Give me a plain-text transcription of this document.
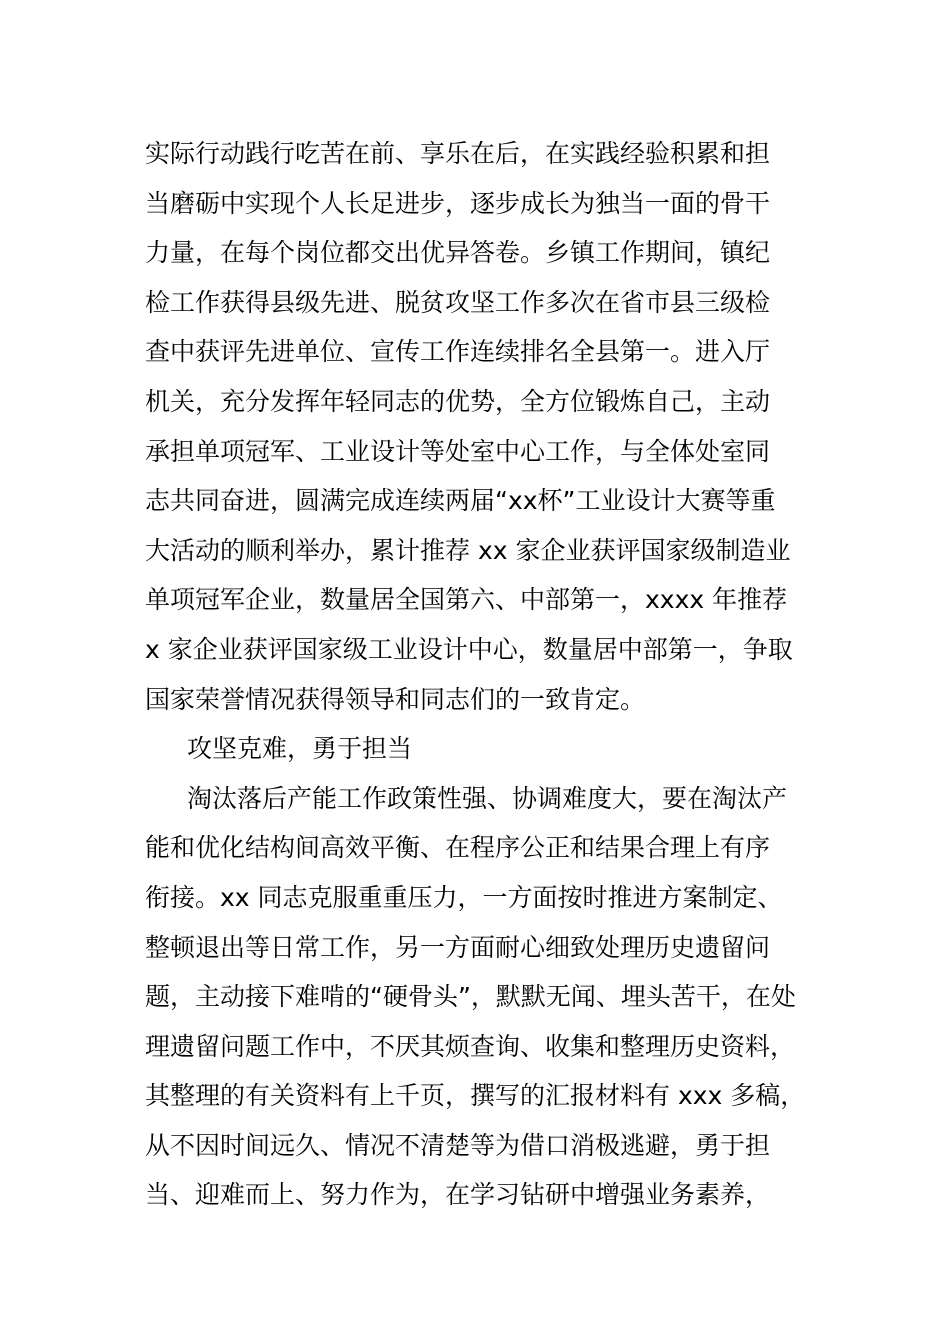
实际行动践行吃苦在前、享乐在后，在实践经验积累和担
当磨砺中实现个人长足进步，逐步成长为独当一面的骨干
力量，在每个岗位都交出优异答卷。乡镇工作期间，镇纪
检工作获得县级先进、脱贫攻坚工作多次在省市县三级检
查中获评先进单位、宣传工作连续排名全县第一。进入厅
机关，充分发挥年轻同志的优势，全方位锻炼自己，主动
承担单项冠军、工业设计等处室中心工作，与全体处室同
志共同奋进，圆满完成连续两届“xx杯”工业设计大赛等重
大活动的顺利举办，累计推荐 xx 家企业获评国家级制造业
单项冠军企业，数量居全国第六、中部第一，xxxx 年推荐
x 家企业获评国家级工业设计中心，数量居中部第一，争取
国家荣誉情况获得领导和同志们的一致肯定。
攻坚克难，勇于担当
淘汰落后产能工作政策性强、协调难度大，要在淘汰产
能和优化结构间高效平衡、在程序公正和结果合理上有序
衔接。xx 同志克服重重压力，一方面按时推进方案制定、
整顿退出等日常工作，另一方面耐心细致处理历史遗留问
题，主动接下难啃的“硬骨头”，默默无闻、埋头苦干，在处
理遗留问题工作中，不厌其烦查询、收集和整理历史资料，
其整理的有关资料有上千页，撰写的汇报材料有 xxx 多稿，
从不因时间远久、情况不清楚等为借口消极逃避，勇于担
当、迎难而上、努力作为，在学习钻研中增强业务素养，
